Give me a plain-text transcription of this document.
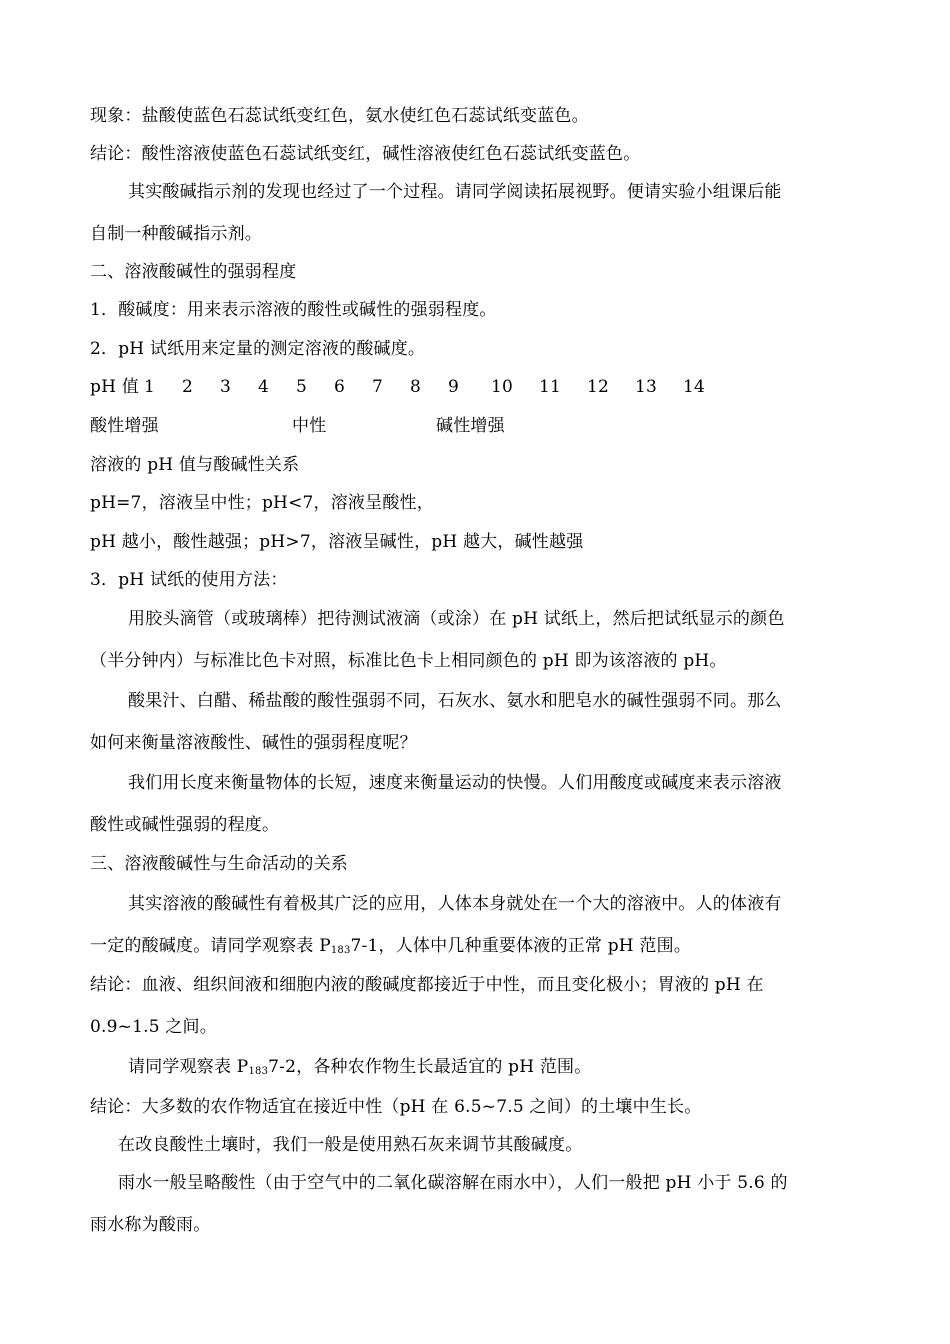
现象：盐酸使蓝色石蕊试纸变红色，氨水使红色石蕊试纸变蓝色。
结论：酸性溶液使蓝色石蕊试纸变红，碱性溶液使红色石蕊试纸变蓝色。
其实酸碱指示剂的发现也经过了一个过程。请同学阅读拓展视野。便请实验小组课后能
自制一种酸碱指示剂。
二、溶液酸碱性的强弱程度
1．酸碱度：用来表示溶液的酸性或碱性的强弱程度。
2．pH 试纸用来定量的测定溶液的酸碱度。
pH 值 1 2 3 4 5 6 7 8 9 10 11 12 13 14
酸性增强	中性	碱性增强
溶液的 pH 值与酸碱性关系
pH=7，溶液呈中性；pH<7，溶液呈酸性，
pH 越小，酸性越强；pH>7，溶液呈碱性，pH 越大，碱性越强
3．pH 试纸的使用方法：
用胶头滴管（或玻璃棒）把待测试液滴（或涂）在 pH 试纸上，然后把试纸显示的颜色
（半分钟内）与标准比色卡对照，标准比色卡上相同颜色的 pH 即为该溶液的 pH。
酸果汁、白醋、稀盐酸的酸性强弱不同，石灰水、氨水和肥皂水的碱性强弱不同。那么
如何来衡量溶液酸性、碱性的强弱程度呢？
我们用长度来衡量物体的长短，速度来衡量运动的快慢。人们用酸度或碱度来表示溶液
酸性或碱性强弱的程度。
三、溶液酸碱性与生命活动的关系
其实溶液的酸碱性有着极其广泛的应用，人体本身就处在一个大的溶液中。人的体液有
一定的酸碱度。请同学观察表 $P_{183}7-1$，人体中几种重要体液的正常 pH 范围。
结论：血液、组织间液和细胞内液的酸碱度都接近于中性，而且变化极小；胃液的 pH 在
0.9~1.5 之间。
请同学观察表 $P_{183}7-2$，各种农作物生长最适宜的 pH 范围。
结论：大多数的农作物适宜在接近中性（pH 在 6.5~7.5 之间）的土壤中生长。
在改良酸性土壤时，我们一般是使用熟石灰来调节其酸碱度。
雨水一般呈略酸性（由于空气中的二氧化碳溶解在雨水中），人们一般把 pH 小于 5.6 的
雨水称为酸雨。
